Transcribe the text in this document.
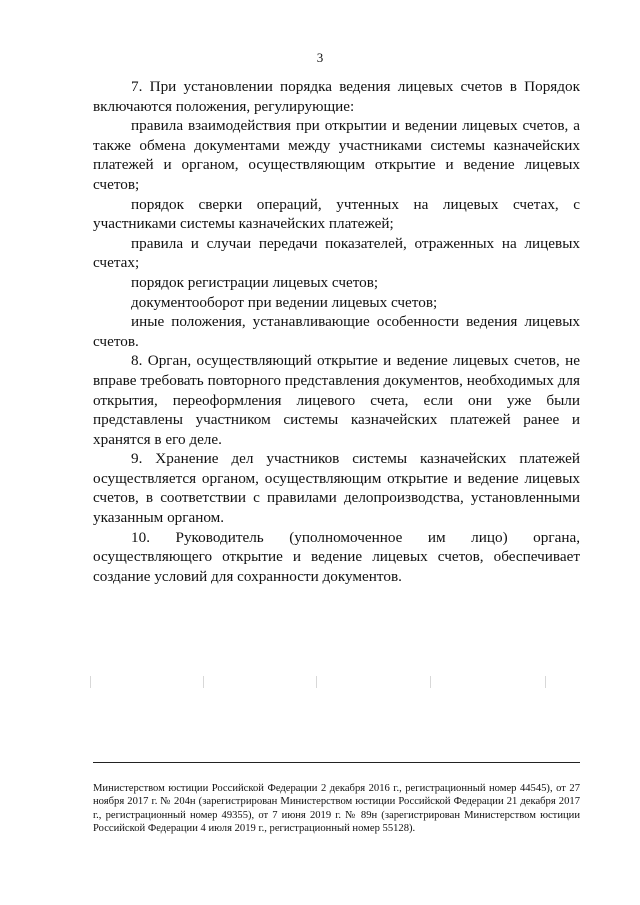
3

7. При установлении порядка ведения лицевых счетов в Порядок включаются положения, регулирующие:

правила взаимодействия при открытии и ведении лицевых счетов, а также обмена документами между участниками системы казначейских платежей и органом, осуществляющим открытие и ведение лицевых счетов;

порядок сверки операций, учтенных на лицевых счетах, с участниками системы казначейских платежей;

правила и случаи передачи показателей, отраженных на лицевых счетах;

порядок регистрации лицевых счетов;

документооборот при ведении лицевых счетов;

иные положения, устанавливающие особенности ведения лицевых счетов.

8. Орган, осуществляющий открытие и ведение лицевых счетов, не вправе требовать повторного представления документов, необходимых для открытия, переоформления лицевого счета, если они уже были представлены участником системы казначейских платежей ранее и хранятся в его деле.

9. Хранение дел участников системы казначейских платежей осуществляется органом, осуществляющим открытие и ведение лицевых счетов, в соответствии с правилами делопроизводства, установленными указанным органом.

10. Руководитель (уполномоченное им лицо) органа, осуществляющего открытие и ведение лицевых счетов, обеспечивает создание условий для сохранности документов.

Министерством юстиции Российской Федерации 2 декабря 2016 г., регистрационный номер 44545), от 27 ноября 2017 г. № 204н (зарегистрирован Министерством юстиции Российской Федерации 21 декабря 2017 г., регистрационный номер 49355), от 7 июня 2019 г. № 89н (зарегистрирован Министерством юстиции Российской Федерации 4 июля 2019 г., регистрационный номер 55128).
